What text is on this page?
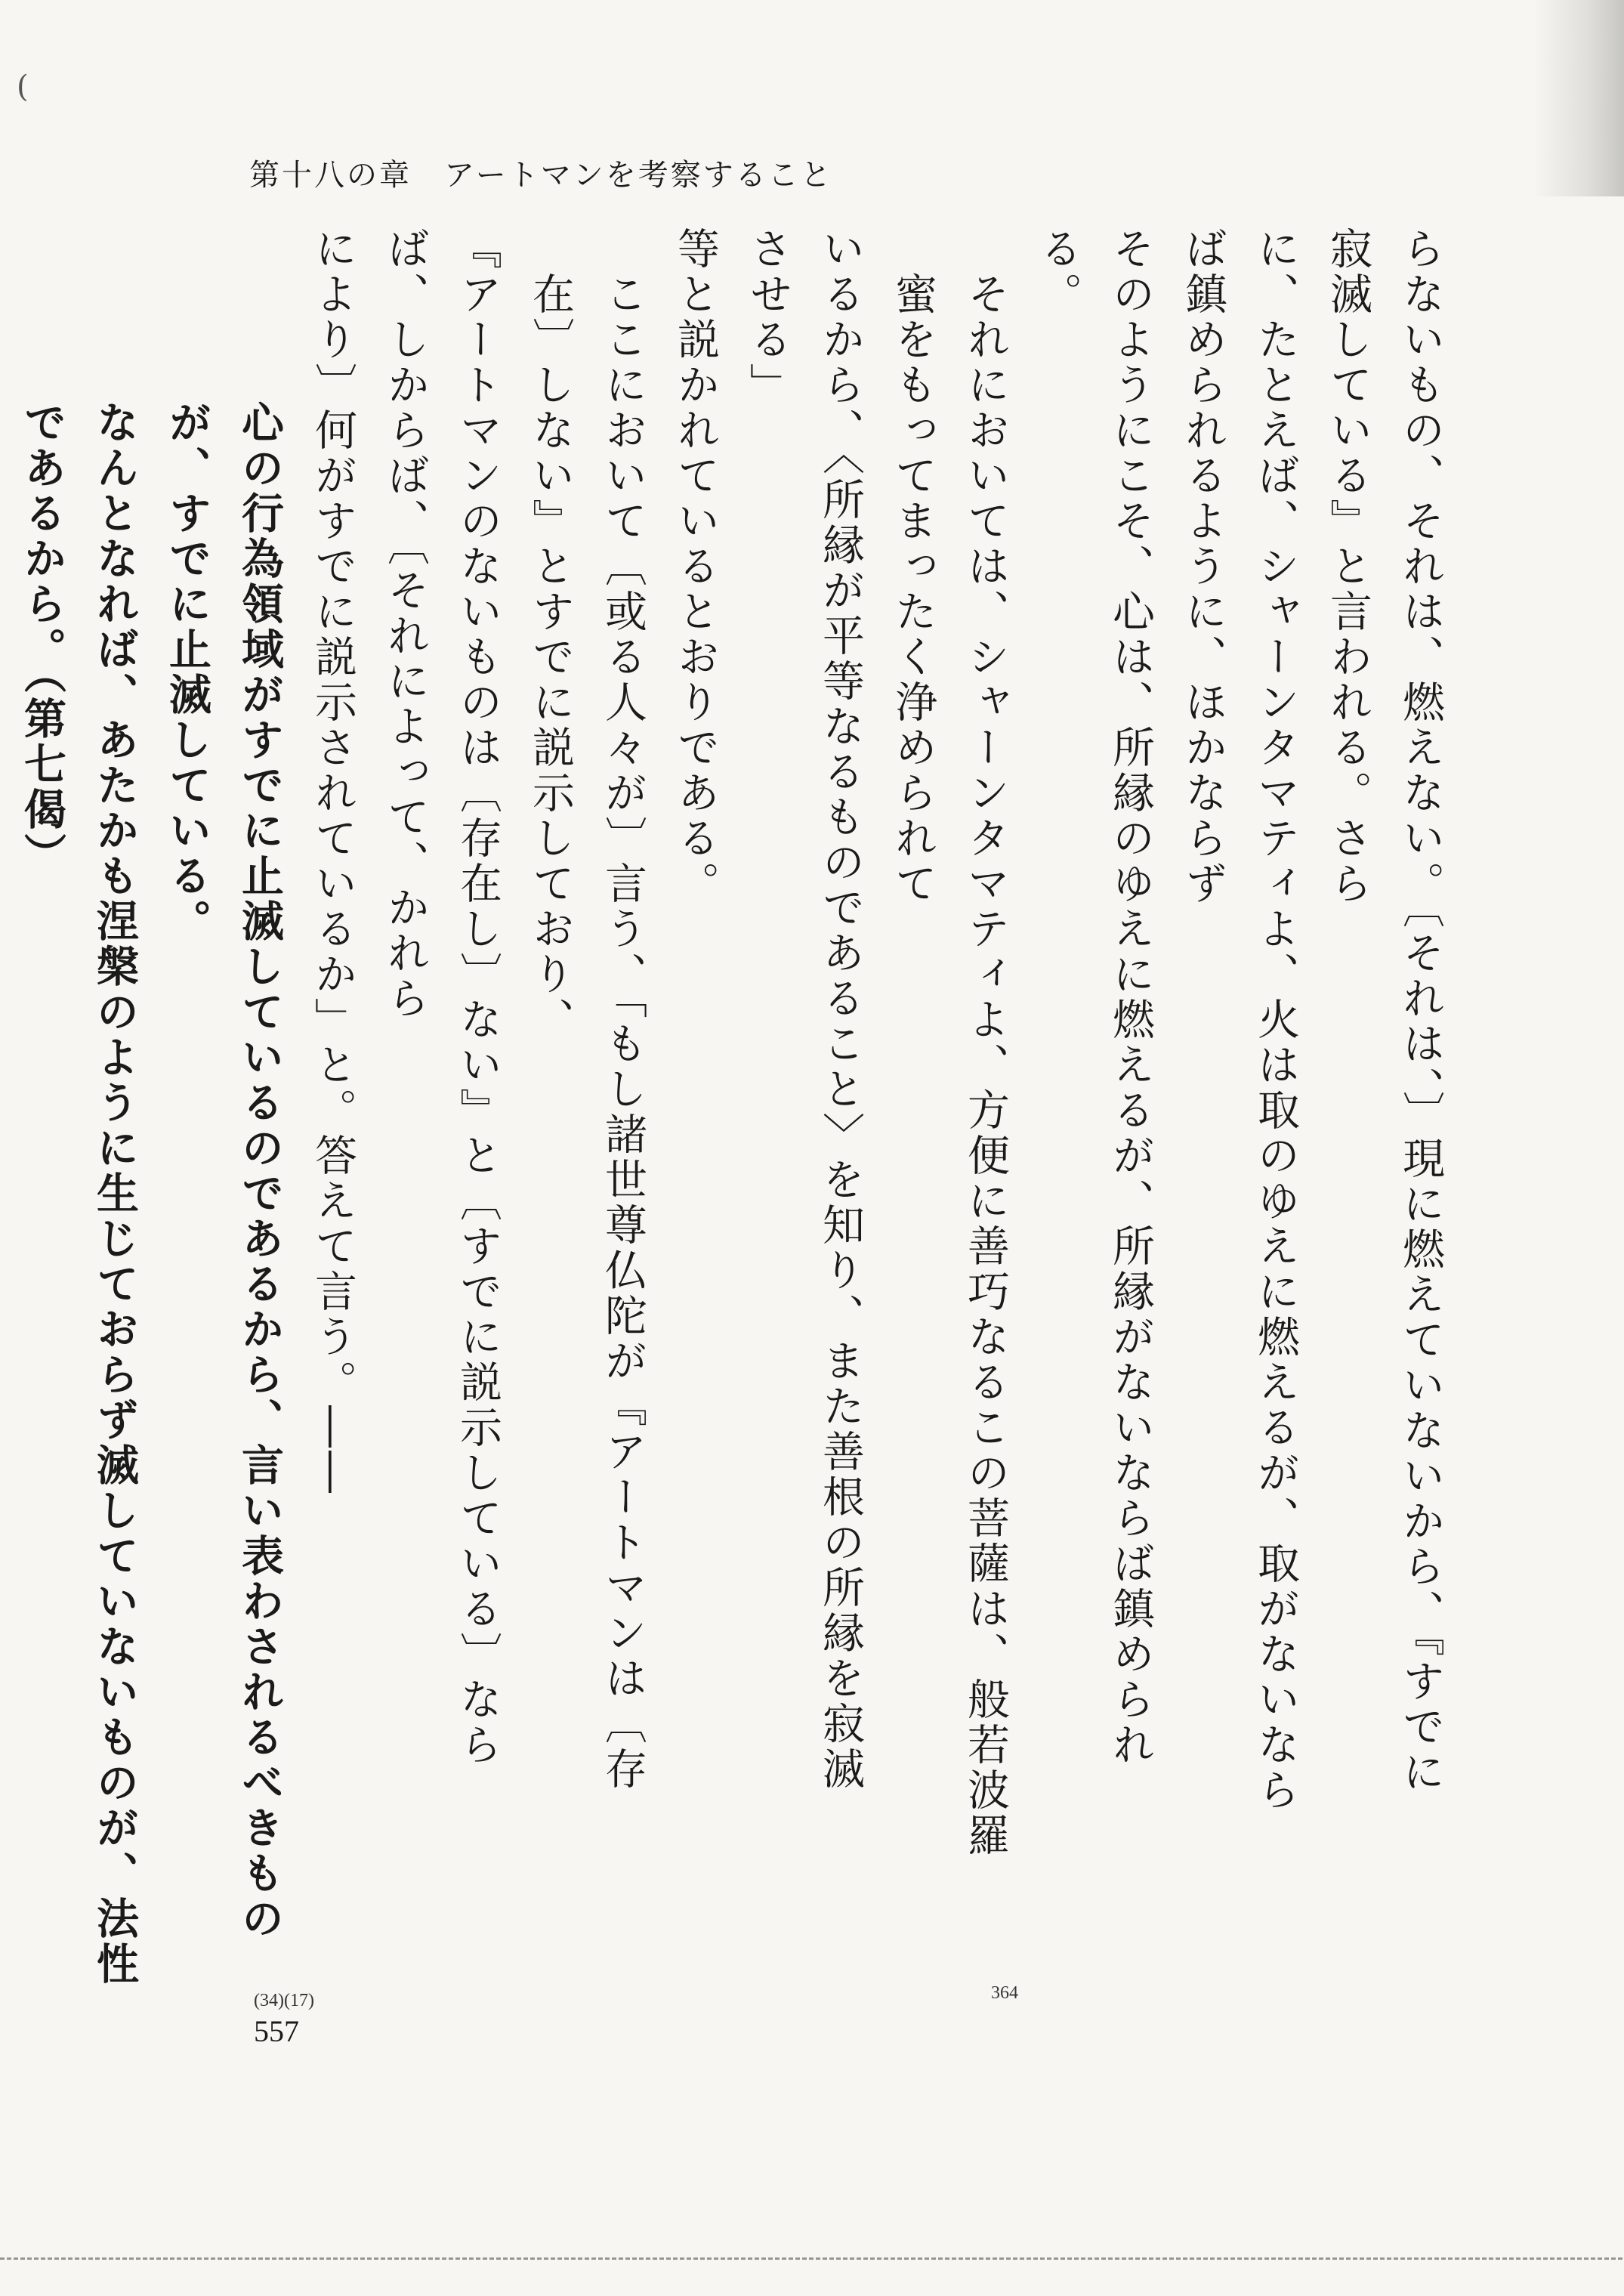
(
第十八の章　アートマンを考察すること

らないもの、それは、燃えない。〔それは、〕現に燃えていないから、『すでに寂滅している』と言われる。さら

に、たとえば、シャーンタマティよ、火は取のゆえに燃えるが、取がないならば鎮められるように、ほかならず

そのようにこそ、心は、所縁のゆえに燃えるが、所縁がないならば鎮められる。

それにおいては、シャーンタマティよ、方便に善巧なるこの菩薩は、般若波羅蜜をもってまったく浄められて

いるから、〈所縁が平等なるものであること〉を知り、また善根の所縁を寂滅させる」

等と説かれているとおりである。

ここにおいて〔或る人々が〕言う、「もし諸世尊仏陀が『アートマンは〔存在〕しない』とすでに説示しており、

『アートマンのないものは〔存在し〕ない』と〔すでに説示している〕ならば、しからば、〔それによって、かれら

により〕何がすでに説示されているか」と。答えて言う。――

心の行為領域がすでに止滅しているのであるから、言い表わされるべきものが、すでに止滅している。

なんとなれば、あたかも涅槃のように生じておらず滅していないものが、法性であるから。（第七偈）

364
(34)(17)
557
